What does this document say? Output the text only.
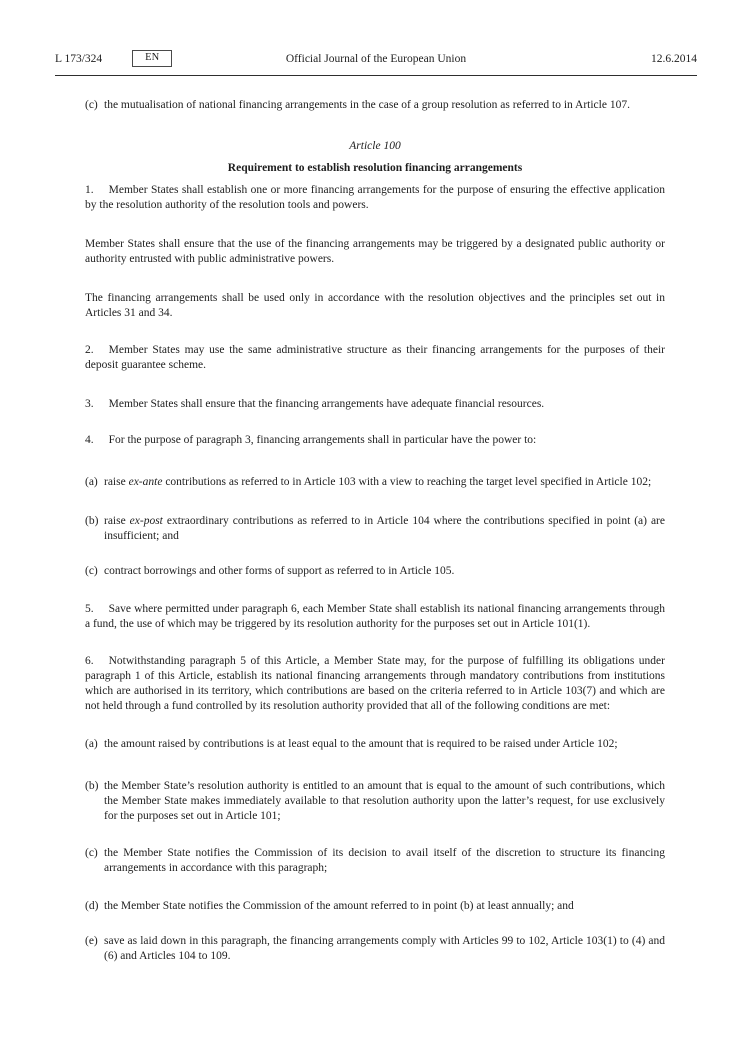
L 173/324	EN	Official Journal of the European Union	12.6.2014
(c) the mutualisation of national financing arrangements in the case of a group resolution as referred to in Article 107.

Article 100

Requirement to establish resolution financing arrangements

1. Member States shall establish one or more financing arrangements for the purpose of ensuring the effective application by the resolution authority of the resolution tools and powers.

Member States shall ensure that the use of the financing arrangements may be triggered by a designated public authority or authority entrusted with public administrative powers.

The financing arrangements shall be used only in accordance with the resolution objectives and the principles set out in Articles 31 and 34.

2. Member States may use the same administrative structure as their financing arrangements for the purposes of their deposit guarantee scheme.

3. Member States shall ensure that the financing arrangements have adequate financial resources.

4. For the purpose of paragraph 3, financing arrangements shall in particular have the power to:

(a) raise ex-ante contributions as referred to in Article 103 with a view to reaching the target level specified in Article 102;
(b) raise ex-post extraordinary contributions as referred to in Article 104 where the contributions specified in point (a) are insufficient; and
(c) contract borrowings and other forms of support as referred to in Article 105.

5. Save where permitted under paragraph 6, each Member State shall establish its national financing arrangements through a fund, the use of which may be triggered by its resolution authority for the purposes set out in Article 101(1).

6. Notwithstanding paragraph 5 of this Article, a Member State may, for the purpose of fulfilling its obligations under paragraph 1 of this Article, establish its national financing arrangements through mandatory contributions from institutions which are authorised in its territory, which contributions are based on the criteria referred to in Article 103(7) and which are not held through a fund controlled by its resolution authority provided that all of the following conditions are met:

(a) the amount raised by contributions is at least equal to the amount that is required to be raised under Article 102;
(b) the Member State’s resolution authority is entitled to an amount that is equal to the amount of such contributions, which the Member State makes immediately available to that resolution authority upon the latter’s request, for use exclusively for the purposes set out in Article 101;
(c) the Member State notifies the Commission of its decision to avail itself of the discretion to structure its financing arrangements in accordance with this paragraph;
(d) the Member State notifies the Commission of the amount referred to in point (b) at least annually; and
(e) save as laid down in this paragraph, the financing arrangements comply with Articles 99 to 102, Article 103(1) to (4) and (6) and Articles 104 to 109.
